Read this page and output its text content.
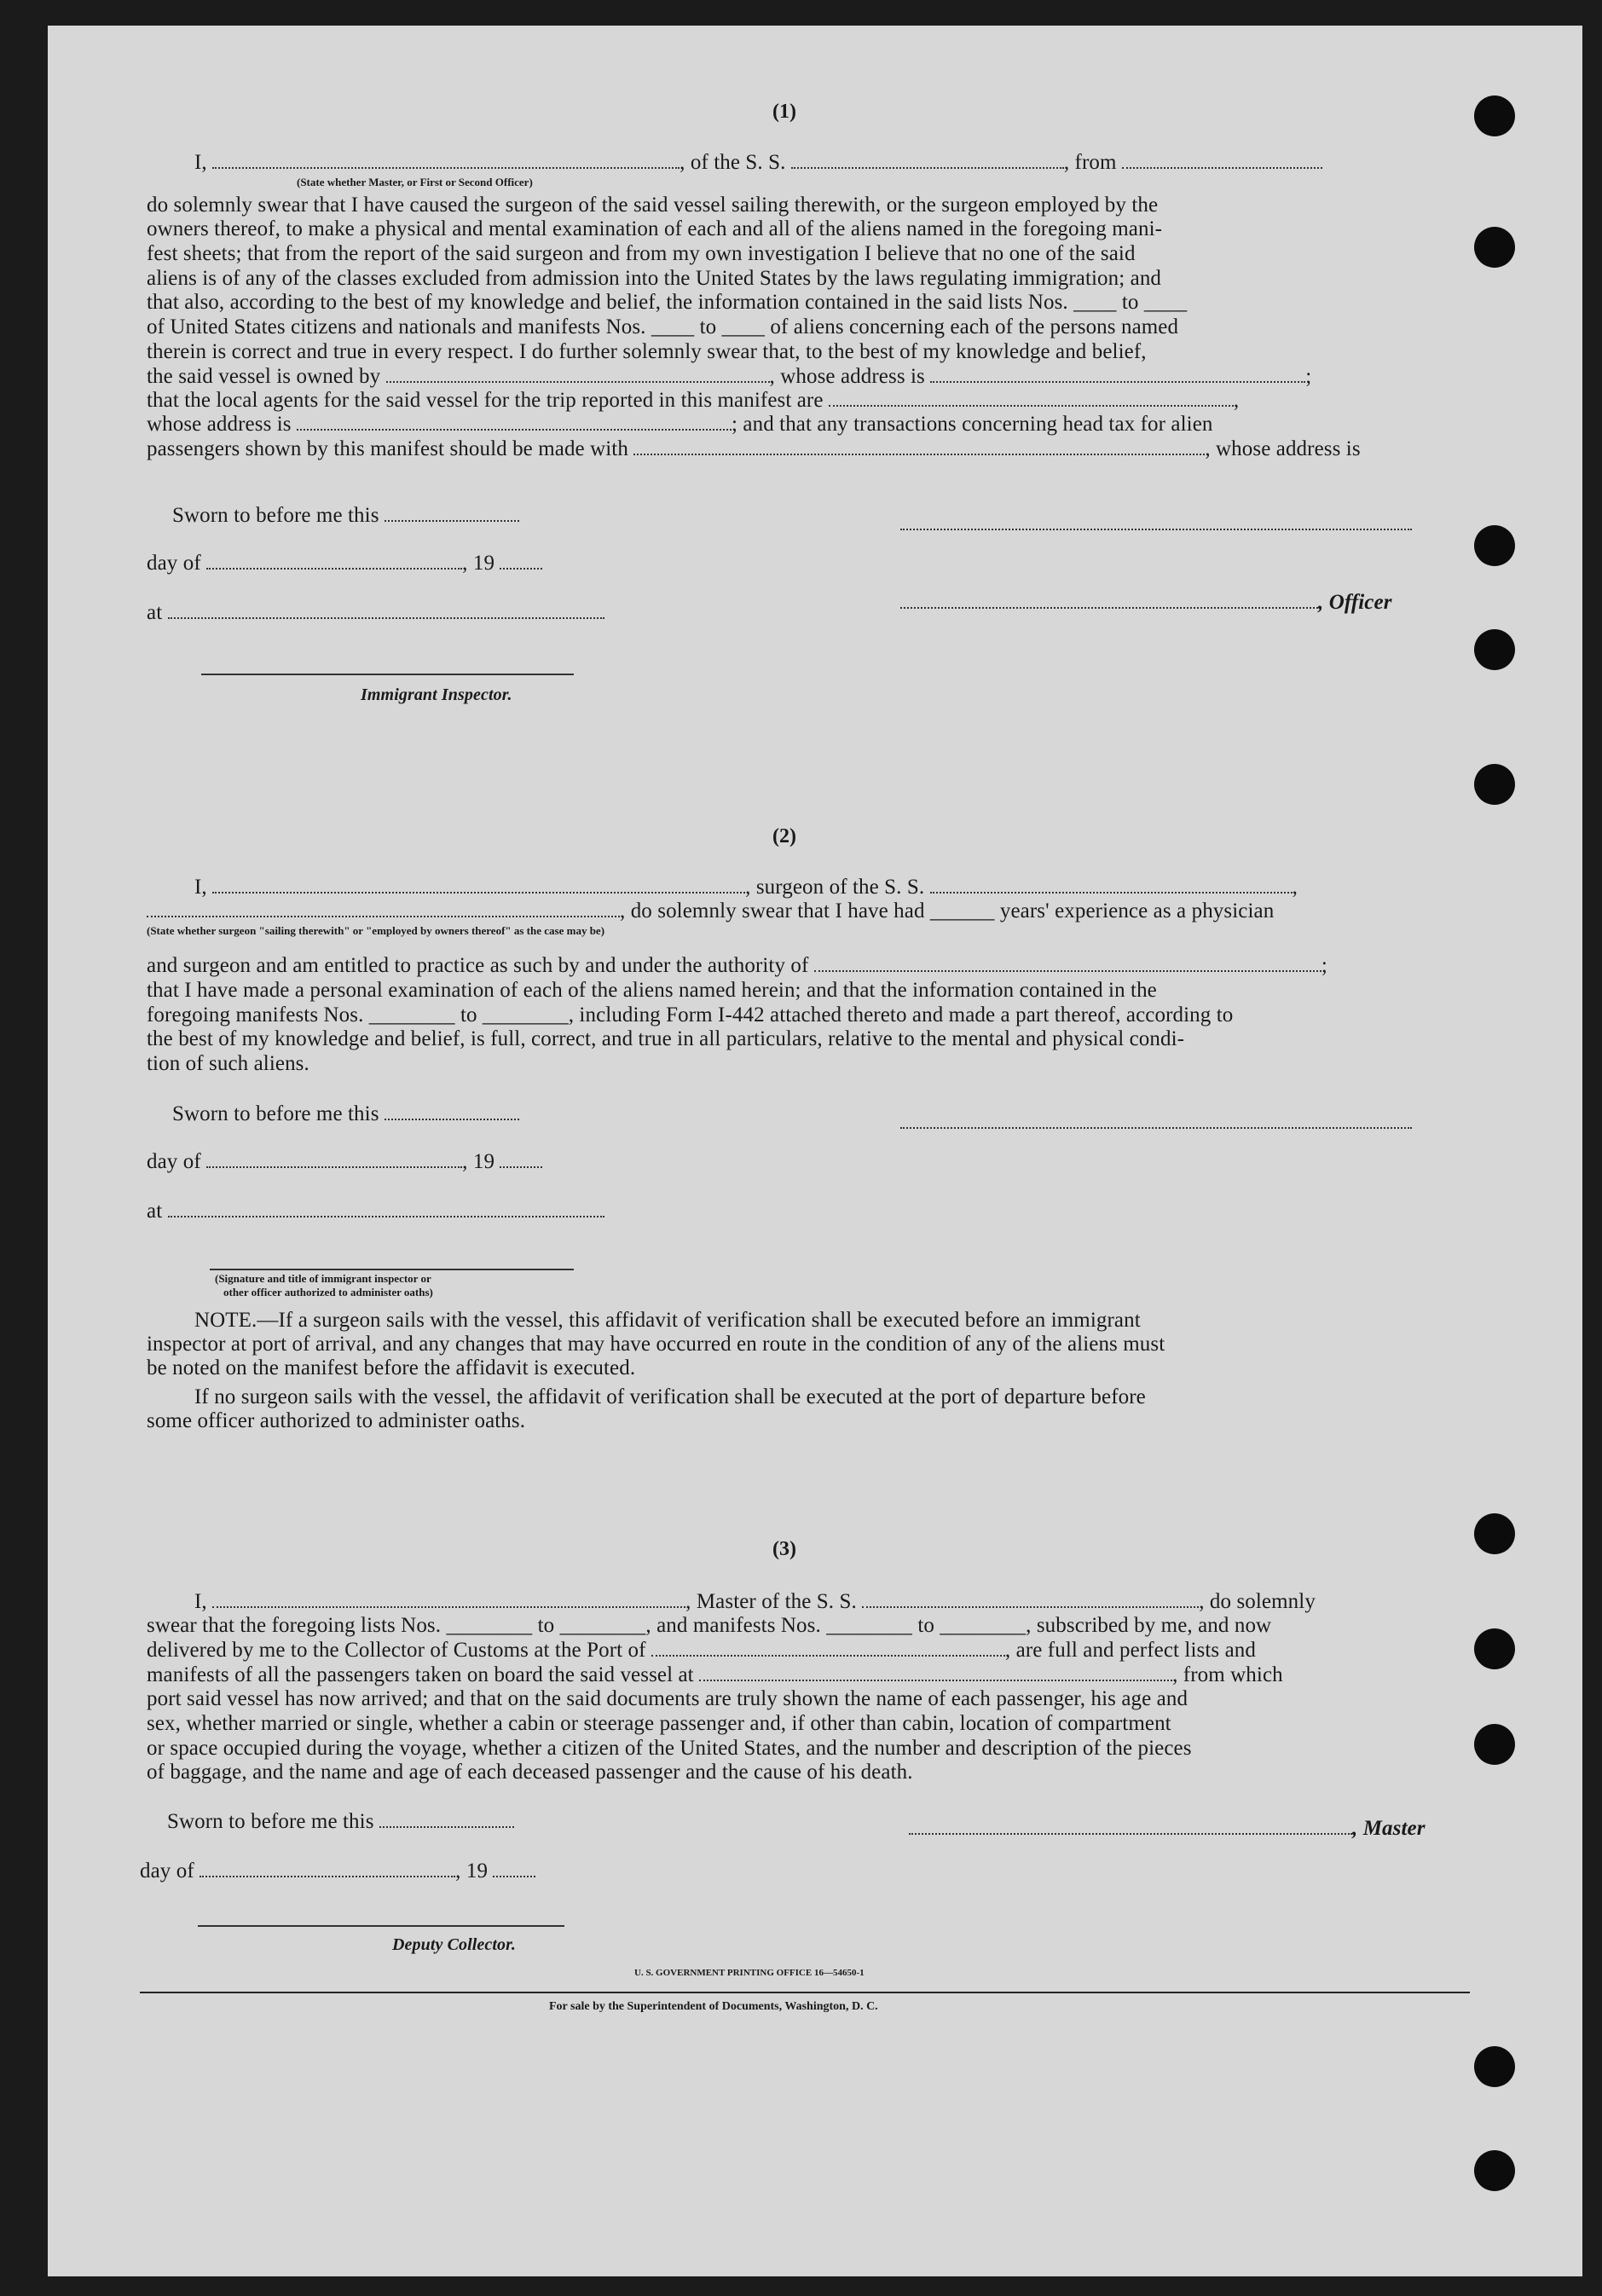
(1)
I,	, of the S. S.	, from
(State whether Master, or First or Second Officer)
do solemnly swear that I have caused the surgeon of the said vessel sailing therewith, or the surgeon employed by the
owners thereof, to make a physical and mental examination of each and all of the aliens named in the foregoing mani-
fest sheets; that from the report of the said surgeon and from my own investigation I believe that no one of the said
aliens is of any of the classes excluded from admission into the United States by the laws regulating immigration; and
that also, according to the best of my knowledge and belief, the information contained in the said lists Nos. ____ to ____
of United States citizens and nationals and manifests Nos. ____ to ____ of aliens concerning each of the persons named
therein is correct and true in every respect. I do further solemnly swear that, to the best of my knowledge and belief,
the said vessel is owned by	, whose address is	;
that the local agents for the said vessel for the trip reported in this manifest are	,
whose address is	; and that any transactions concerning head tax for alien
passengers shown by this manifest should be made with	, whose address is
Sworn to before me this
day of	, 19
at
Immigrant Inspector.
, Officer
(2)
I,	, surgeon of the S. S.	,
, do solemnly swear that I have had ______ years' experience as a physician
(State whether surgeon "sailing therewith" or "employed by owners thereof" as the case may be)
and surgeon and am entitled to practice as such by and under the authority of	;
that I have made a personal examination of each of the aliens named herein; and that the information contained in the
foregoing manifests Nos. ________ to ________, including Form I-442 attached thereto and made a part thereof, according to
the best of my knowledge and belief, is full, correct, and true in all particulars, relative to the mental and physical condi-
tion of such aliens.
Sworn to before me this
day of	, 19
at
(Signature and title of immigrant inspector or
other officer authorized to administer oaths)
NOTE.—If a surgeon sails with the vessel, this affidavit of verification shall be executed before an immigrant
inspector at port of arrival, and any changes that may have occurred en route in the condition of any of the aliens must
be noted on the manifest before the affidavit is executed.
If no surgeon sails with the vessel, the affidavit of verification shall be executed at the port of departure before
some officer authorized to administer oaths.
(3)
I,	, Master of the S. S.	, do solemnly
swear that the foregoing lists Nos. ________ to ________, and manifests Nos. ________ to ________, subscribed by me, and now
delivered by me to the Collector of Customs at the Port of	, are full and perfect lists and
manifests of all the passengers taken on board the said vessel at	, from which
port said vessel has now arrived; and that on the said documents are truly shown the name of each passenger, his age and
sex, whether married or single, whether a cabin or steerage passenger and, if other than cabin, location of compartment
or space occupied during the voyage, whether a citizen of the United States, and the number and description of the pieces
of baggage, and the name and age of each deceased passenger and the cause of his death.
Sworn to before me this	, Master
day of	, 19
Deputy Collector.
U. S. GOVERNMENT PRINTING OFFICE 16—54650-1
For sale by the Superintendent of Documents, Washington, D. C.
